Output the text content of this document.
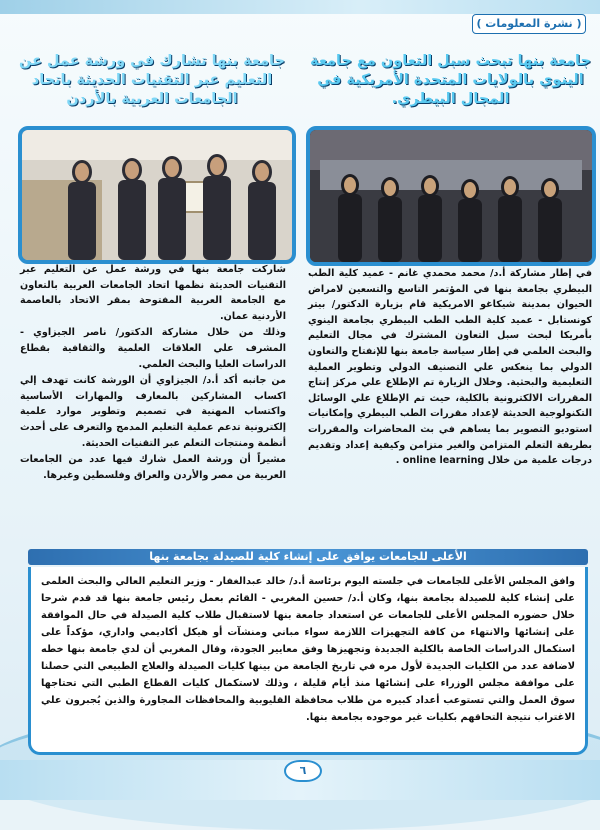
( نشرة المعلومات )
جامعة بنها تبحث سبل التعاون مع جامعة الينوي بالولايات المتحدة الأمريكية في المجال البيطري.
جامعة بنها تشارك في ورشة عمل عن التعليم عبر التقنيات الحديثة باتحاد الجامعات العربية بالأردن

في إطار مشاركة أ.د/ محمد محمدي غانم - عميد كلية الطب البيطري بجامعة بنها في المؤتمر التاسع والتسعين لامراض الحيوان بمدينة شيكاغو الامريكية قام بزيارة الدكتور/ بيتر كونستابل - عميد كلية الطب الطب البيطري بجامعة الينوي بأمريكا لبحث سبل التعاون المشترك في مجال التعليم والبحث العلمي في إطار سياسة جامعة بنها للإنفتاح والتعاون الدولي بما ينعكس علي التصنيف الدولي وتطوير العملية التعليمية والبحثية. وخلال الزيارة تم الإطلاع علي مركز إنتاج المقررات الالكترونية بالكلية، حيث تم الإطلاع علي الوسائل التكنولوجية الحديثة لإعداد مقررات الطب البيطري وإمكانيات استوديو التصوير بما يساهم في بث المحاضرات والمقررات بطريقة التعلم المتزامن والغير متزامن وكيفية إعداد وتقديم درجات علمية من خلال online learning .

شاركت جامعة بنها في ورشة عمل عن التعليم عبر التقنيات الحديثة نظمها اتحاد الجامعات العربية بالتعاون مع الجامعة العربية المفتوحة بمقر الاتحاد بالعاصمة الأردنية عمان.

وذلك من خلال مشاركة الدكتور/ ناصر الجيزاوي - المشرف علي العلاقات العلمية والثقافية بقطاع الدراسات العليا والبحث العلمي.

من جانبه أكد أ.د/ الجيزاوي أن الورشة كانت تهدف إلي اكساب المشاركين بالمعارف والمهارات الأساسية واكتساب المهنية في تصميم وتطوير موارد علمية إلكترونية تدعم عملية التعليم المدمج والتعرف على أحدث أنظمة ومنتجات التعلم عبر التقنيات الحديثة.

مشيراً أن ورشة العمل شارك فيها عدد من الجامعات العربية من مصر والأردن والعراق وفلسطين وغيرها.

الأعلى للجامعات يوافق على إنشاء كلية للصيدلة بجامعة بنها

وافق المجلس الأعلى للجامعات في جلسته اليوم برئاسة أ.د/ خالد عبدالغفار - وزير التعليم العالي والبحث العلمى على إنشاء كلية للصيدلة بجامعة بنها، وكان أ.د/ حسين المغربي - القائم بعمل رئيس جامعة بنها قد قدم شرحا خلال حضوره المجلس الأعلى للجامعات عن استعداد جامعة بنها لاستقبال طلاب كلية الصيدلة في حال الموافقة على إنشائها والانتهاء من كافة التجهيزات اللازمة سواء مباني ومنشآت أو هيكل أكاديمي واداري، مؤكداً على استكمال الدراسات الخاصة بالكلية الجديدة وتجهيزها وفق معايير الجودة، وقال المغربي أن لدي جامعة بنها خطه لاضافة عدد من الكليات الجديدة لأول مره في تاريخ الجامعة من بينها كليات الصيدلة والعلاج الطبيعي التي حصلنا على موافقة مجلس الوزراء على إنشائها منذ أيام قليلة ، وذلك لاستكمال كليات القطاع الطبي التي تحتاجها سوق العمل والتي تستوعب أعداد كبيره من طلاب محافظة القليوبية والمحافظات المجاورة والذين يُجبرون علي الاغتراب نتيجة التحاقهم بكليات غير موجوده بجامعة بنها.

٦
